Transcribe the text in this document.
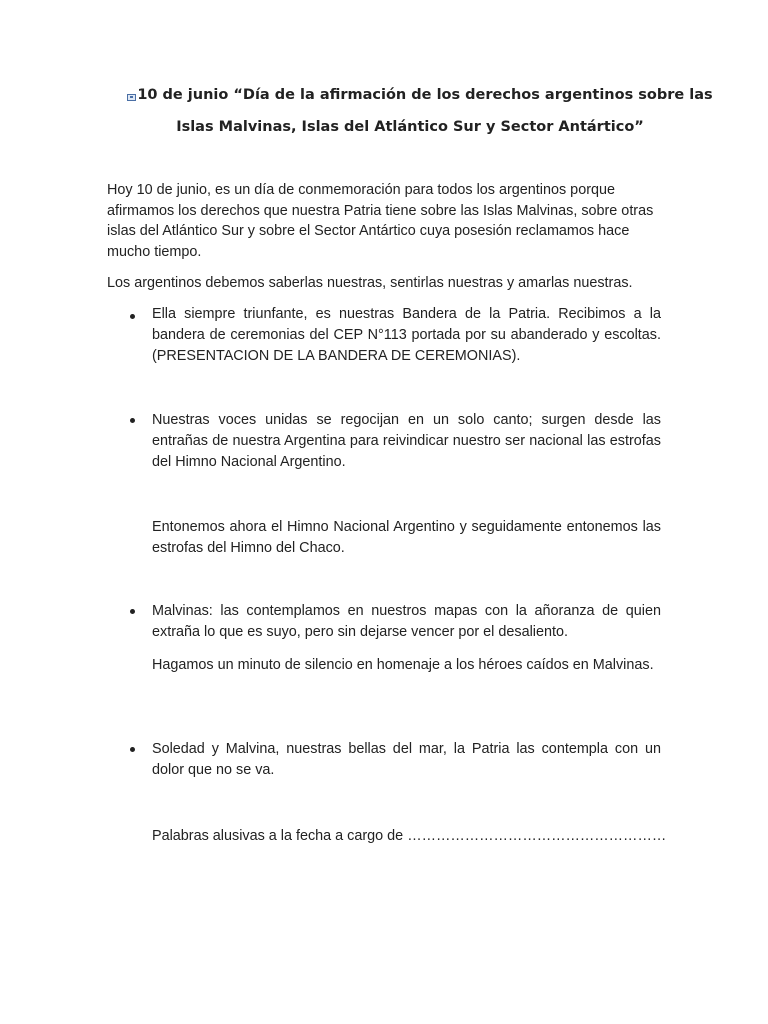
10 de junio “Día de la afirmación de los derechos argentinos sobre las
Islas Malvinas, Islas del Atlántico Sur y Sector Antártico”

Hoy 10 de junio, es un día de conmemoración para todos los argentinos porque afirmamos los derechos que nuestra Patria tiene sobre las Islas Malvinas, sobre otras islas del Atlántico Sur y sobre el Sector Antártico cuya posesión reclamamos hace mucho tiempo.

Los argentinos debemos saberlas nuestras, sentirlas nuestras y amarlas nuestras.

Ella siempre triunfante, es nuestras Bandera de la Patria. Recibimos a la bandera de ceremonias del CEP N°113 portada por su abanderado y escoltas. (PRESENTACION DE LA BANDERA DE CEREMONIAS).
Nuestras voces unidas se regocijan en un solo canto; surgen desde las entrañas de nuestra Argentina para reivindicar nuestro ser nacional las estrofas del Himno Nacional Argentino.
Entonemos ahora el Himno Nacional Argentino y seguidamente entonemos las estrofas del Himno del Chaco.
Malvinas: las contemplamos en nuestros mapas con la añoranza de quien extraña lo que es suyo, pero sin dejarse vencer por el desaliento.
Hagamos un minuto de silencio en homenaje a los héroes caídos en Malvinas.
Soledad y Malvina, nuestras bellas del mar, la Patria las contempla con un dolor que no se va.
Palabras alusivas a la fecha a cargo de ………………………………………………
